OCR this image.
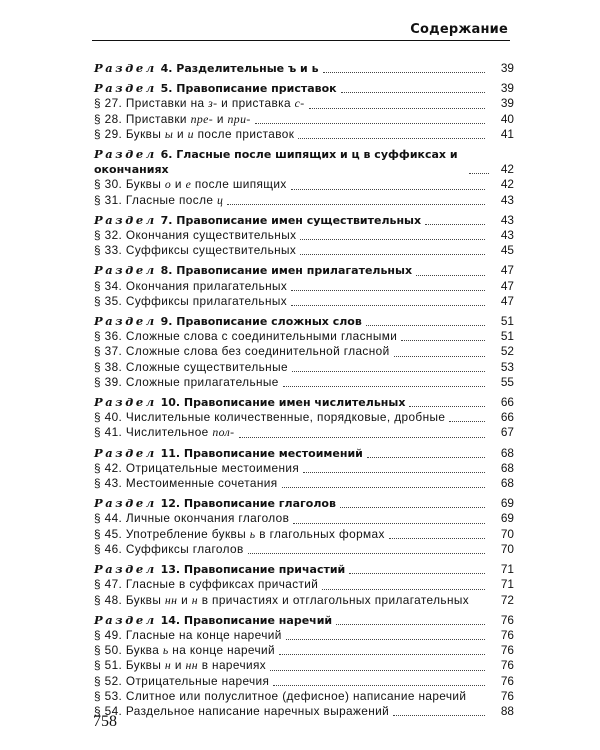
Содержание
Раздел 4. Разделительные ъ и ь	39
Раздел 5. Правописание приставок	39
§ 27. Приставки на з- и приставка с-	39
§ 28. Приставки пре- и при-	40
§ 29. Буквы ы и и после приставок	41
Раздел 6. Гласные после шипящих и ц в суффиксах и окончаниях	42
§ 30. Буквы о и е после шипящих	42
§ 31. Гласные после ц	43
Раздел 7. Правописание имен существительных	43
§ 32. Окончания существительных	43
§ 33. Суффиксы существительных	45
Раздел 8. Правописание имен прилагательных	47
§ 34. Окончания прилагательных	47
§ 35. Суффиксы прилагательных	47
Раздел 9. Правописание сложных слов	51
§ 36. Сложные слова с соединительными гласными	51
§ 37. Сложные слова без соединительной гласной	52
§ 38. Сложные существительные	53
§ 39. Сложные прилагательные	55
Раздел 10. Правописание имен числительных	66
§ 40. Числительные количественные, порядковые, дробные	66
§ 41. Числительное пол-	67
Раздел 11. Правописание местоимений	68
§ 42. Отрицательные местоимения	68
§ 43. Местоименные сочетания	68
Раздел 12. Правописание глаголов	69
§ 44. Личные окончания глаголов	69
§ 45. Употребление буквы ь в глагольных формах	70
§ 46. Суффиксы глаголов	70
Раздел 13. Правописание причастий	71
§ 47. Гласные в суффиксах причастий	71
§ 48. Буквы нн и н в причастиях и отглагольных прилагательных	72
Раздел 14. Правописание наречий	76
§ 49. Гласные на конце наречий	76
§ 50. Буква ь на конце наречий	76
§ 51. Буквы н и нн в наречиях	76
§ 52. Отрицательные наречия	76
§ 53. Слитное или полуслитное (дефисное) написание наречий	76
§ 54. Раздельное написание наречных выражений	88
758
